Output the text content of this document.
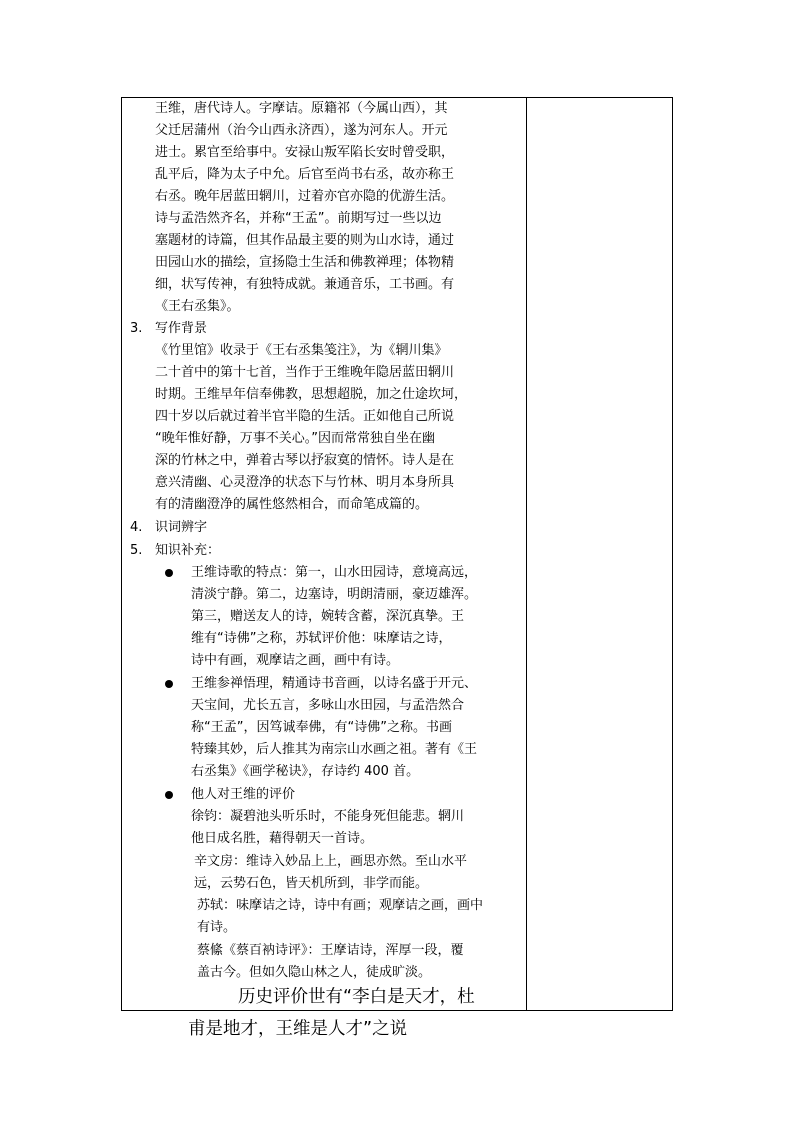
王维，唐代诗人。字摩诘。原籍祁（今属山西），其
父迁居蒲州（治今山西永济西），遂为河东人。开元
进士。累官至给事中。安禄山叛军陷长安时曾受职，
乱平后，降为太子中允。后官至尚书右丞，故亦称王
右丞。晚年居蓝田辋川，过着亦官亦隐的优游生活。
诗与孟浩然齐名，并称“王孟”。前期写过一些以边
塞题材的诗篇，但其作品最主要的则为山水诗，通过
田园山水的描绘，宣扬隐士生活和佛教禅理；体物精
细，状写传神，有独特成就。兼通音乐，工书画。有
《王右丞集》。
3. 写作背景
《竹里馆》收录于《王右丞集笺注》，为《辋川集》
二十首中的第十七首，当作于王维晚年隐居蓝田辋川
时期。王维早年信奉佛教，思想超脱，加之仕途坎坷，
四十岁以后就过着半官半隐的生活。正如他自己所说
“晚年惟好静，万事不关心。”因而常常独自坐在幽
深的竹林之中，弹着古琴以抒寂寞的情怀。诗人是在
意兴清幽、心灵澄净的状态下与竹林、明月本身所具
有的清幽澄净的属性悠然相合，而命笔成篇的。
4. 识词辨字
5. 知识补充：
王维诗歌的特点：第一，山水田园诗，意境高远，
清淡宁静。第二，边塞诗，明朗清丽，豪迈雄浑。
第三，赠送友人的诗，婉转含蓄，深沉真挚。王
维有“诗佛”之称，苏轼评价他：味摩诘之诗，
诗中有画，观摩诘之画，画中有诗。
王维参禅悟理，精通诗书音画，以诗名盛于开元、
天宝间，尤长五言，多咏山水田园，与孟浩然合
称“王孟”，因笃诚奉佛，有“诗佛”之称。书画
特臻其妙，后人推其为南宗山水画之祖。著有《王
右丞集》《画学秘诀》，存诗约 400 首。
他人对王维的评价
徐钧：凝碧池头听乐时，不能身死但能悲。辋川
他日成名胜，藉得朝天一首诗。
辛文房：维诗入妙品上上，画思亦然。至山水平
远，云势石色，皆天机所到，非学而能。
苏轼：味摩诘之诗，诗中有画；观摩诘之画，画中
有诗。
蔡絛《蔡百衲诗评》：王摩诘诗，浑厚一段，覆
盖古今。但如久隐山林之人，徒成旷淡。
历史评价世有“李白是天才，杜
甫是地才，王维是人才”之说
